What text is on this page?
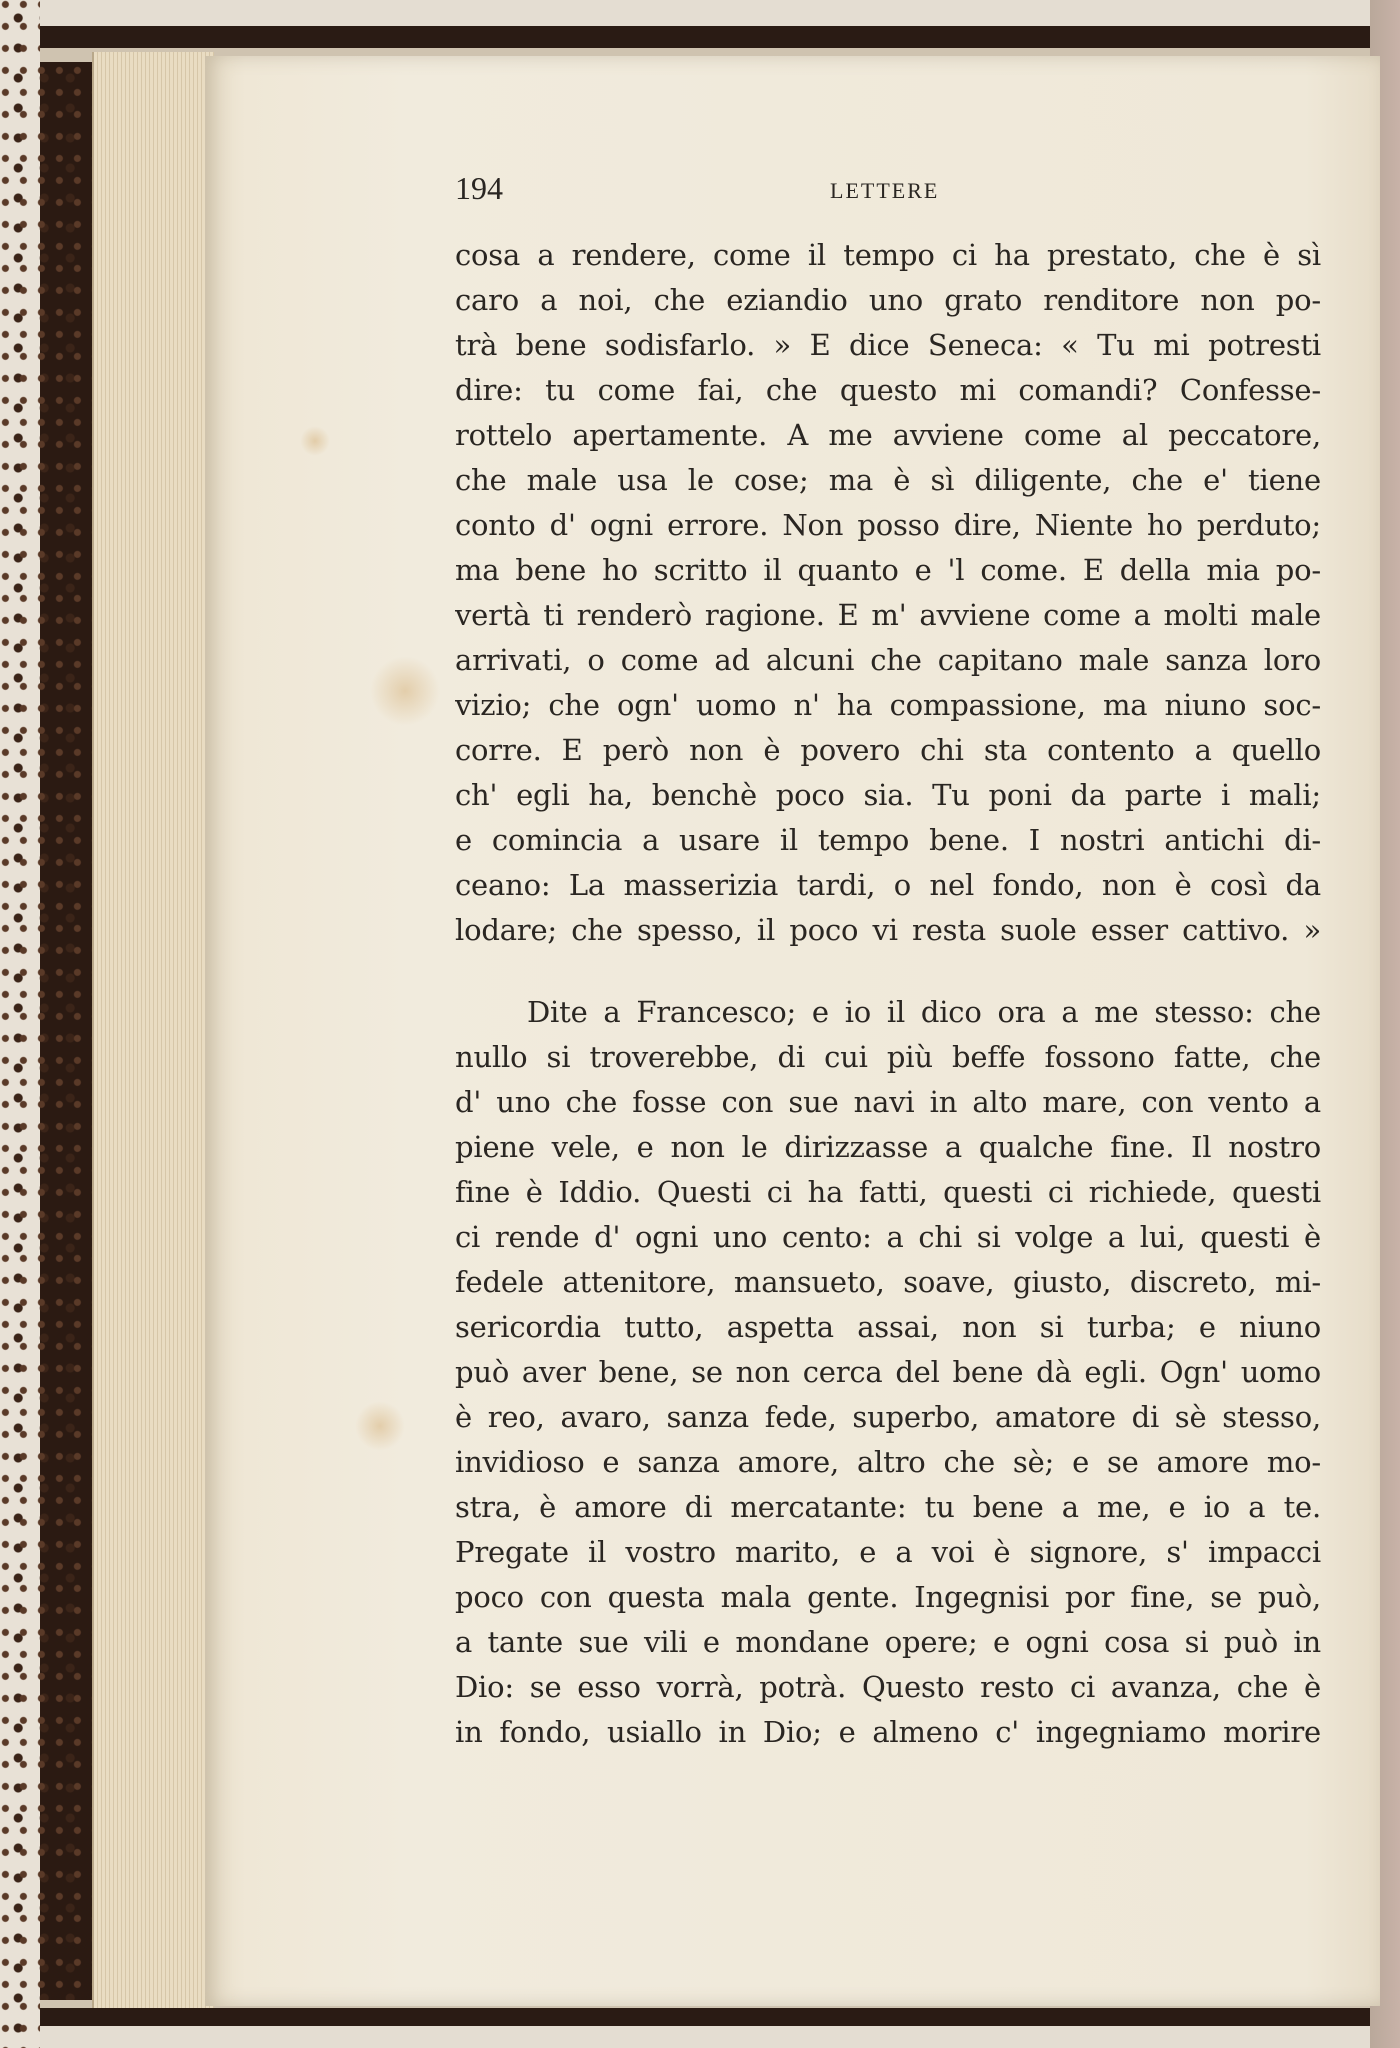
194	LETTERE
cosa a rendere, come il tempo ci ha prestato, che è sì
caro a noi, che eziandio uno grato renditore non po-
trà bene sodisfarlo. » E dice Seneca: « Tu mi potresti
dire: tu come fai, che questo mi comandi? Confesse-
rottelo apertamente. A me avviene come al peccatore,
che male usa le cose; ma è sì diligente, che e' tiene
conto d' ogni errore. Non posso dire, Niente ho perduto;
ma bene ho scritto il quanto e 'l come. E della mia po-
vertà ti renderò ragione. E m' avviene come a molti male
arrivati, o come ad alcuni che capitano male sanza loro
vizio; che ogn' uomo n' ha compassione, ma niuno soc-
corre. E però non è povero chi sta contento a quello
ch' egli ha, benchè poco sia. Tu poni da parte i mali;
e comincia a usare il tempo bene. I nostri antichi di-
ceano: La masserizia tardi, o nel fondo, non è così da
lodare; che spesso, il poco vi resta suole esser cattivo. »
Dite a Francesco; e io il dico ora a me stesso: che
nullo si troverebbe, di cui più beffe fossono fatte, che
d' uno che fosse con sue navi in alto mare, con vento a
piene vele, e non le dirizzasse a qualche fine. Il nostro
fine è Iddio. Questi ci ha fatti, questi ci richiede, questi
ci rende d' ogni uno cento: a chi si volge a lui, questi è
fedele attenitore, mansueto, soave, giusto, discreto, mi-
sericordia tutto, aspetta assai, non si turba; e niuno
può aver bene, se non cerca del bene dà egli. Ogn' uomo
è reo, avaro, sanza fede, superbo, amatore di sè stesso,
invidioso e sanza amore, altro che sè; e se amore mo-
stra, è amore di mercatante: tu bene a me, e io a te.
Pregate il vostro marito, e a voi è signore, s' impacci
poco con questa mala gente. Ingegnisi por fine, se può,
a tante sue vili e mondane opere; e ogni cosa si può in
Dio: se esso vorrà, potrà. Questo resto ci avanza, che è
in fondo, usiallo in Dio; e almeno c' ingegniamo morire
